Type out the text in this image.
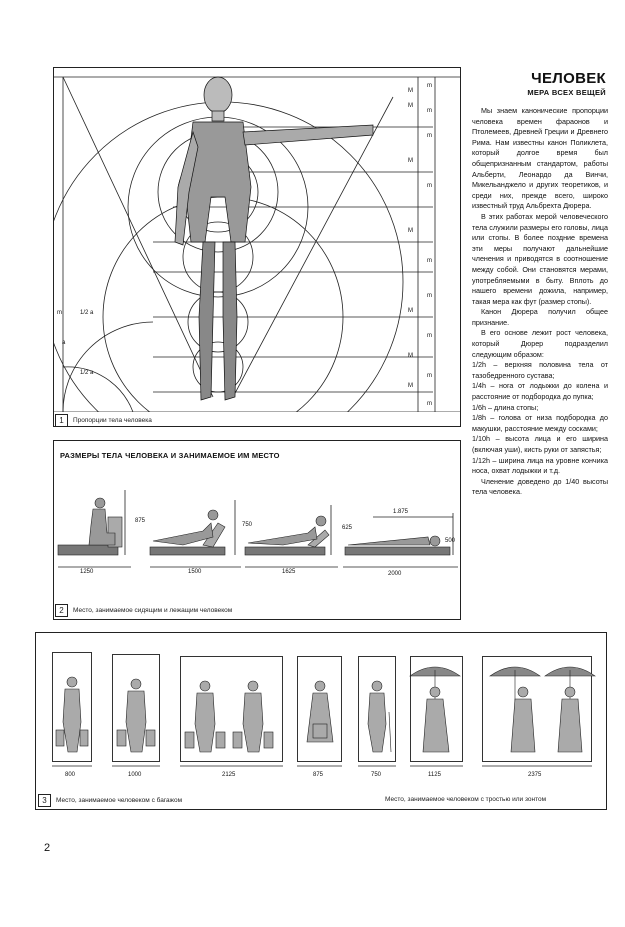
M
m
M
m
m
M
m
M
m
m
M
m
M
m
M
m
1/2 a
a
1/2 a
m
1	Пропорции тела человека
ЧЕЛОВЕК
МЕРА ВСЕХ ВЕЩЕЙ

Мы знаем канонические пропорции человека времен фараонов и Птолемеев, Древней Греции и Древнего Рима. Нам известны канон Поликлета, который долгое время был общепризнанным стандартом, работы Альберти, Леонардо да Винчи, Микельанджело и других теоретиков, и среди них, прежде всего, широко известный труд Альбрехта Дюрера.

В этих работах мерой человеческого тела служили размеры его головы, лица или стопы. В более поздние времена эти меры получают дальнейшие членения и приводятся в соотношение между собой. Они становятся мерами, употребляемыми в быту. Вплоть до нашего времени дожила, например, такая мера как фут (размер стопы).

Канон Дюрера получил общее признание.

В его основе лежит рост человека, который Дюрер подразделил следующим образом:

1/2h – верхняя половина тела от тазобедренного сустава;

1/4h – нога от лодыжки до колена и расстояние от подбородка до пупка;

1/6h – длина стопы;

1/8h – голова от низа подбородка до макушки, расстояние между сосками;

1/10h – высота лица и его ширина (включая уши), кисть руки от запястья;

1/12h – ширина лица на уровне кончика носа, охват лодыжки и т.д.

Членение доведено до 1/40 высоты тела человека.

РАЗМЕРЫ ТЕЛА ЧЕЛОВЕКА И ЗАНИМАЕМОЕ ИМ МЕСТО
1250
875
1500
750
1625
625
2000
1.875
500
2	Место, занимаемое сидящим и лежащим человеком
800	1000	2125	875	750	1125	2375
3	Место, занимаемое человеком с багажом	Место, занимаемое человеком с тростью или зонтом
2
